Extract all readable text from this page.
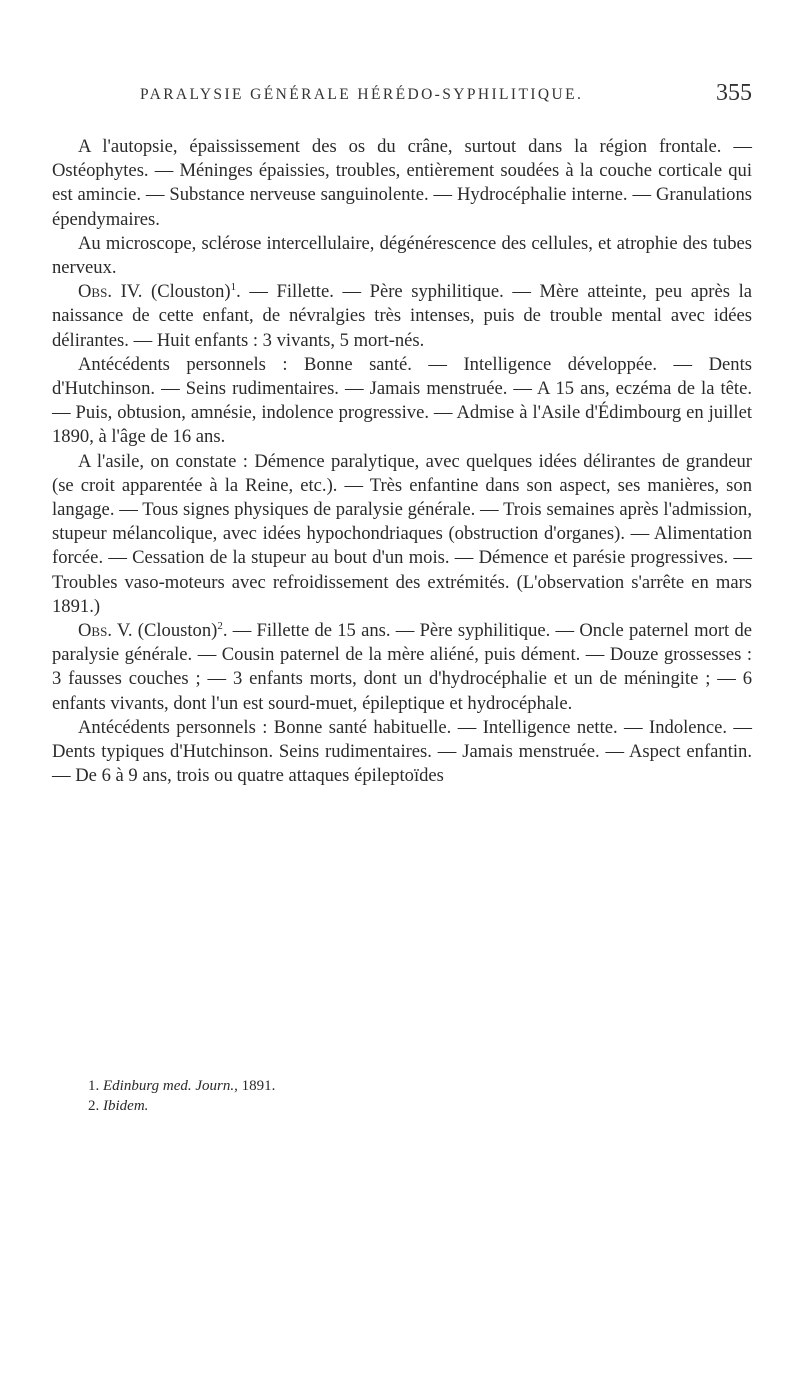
PARALYSIE GÉNÉRALE HÉRÉDO-SYPHILITIQUE.	355

A l'autopsie, épaississement des os du crâne, surtout dans la région frontale. — Ostéophytes. — Méninges épaissies, troubles, entièrement soudées à la couche corticale qui est amincie. — Substance nerveuse sanguinolente. — Hydrocéphalie interne. — Granulations épendymaires.

Au microscope, sclérose intercellulaire, dégénérescence des cellules, et atrophie des tubes nerveux.

Obs. IV. (Clouston)$^1$. — Fillette. — Père syphilitique. — Mère atteinte, peu après la naissance de cette enfant, de névralgies très intenses, puis de trouble mental avec idées délirantes. — Huit enfants : 3 vivants, 5 mort-nés.

Antécédents personnels : Bonne santé. — Intelligence développée. — Dents d'Hutchinson. — Seins rudimentaires. — Jamais menstruée. — A 15 ans, eczéma de la tête. — Puis, obtusion, amnésie, indolence progressive. — Admise à l'Asile d'Édimbourg en juillet 1890, à l'âge de 16 ans.

A l'asile, on constate : Démence paralytique, avec quelques idées délirantes de grandeur (se croit apparentée à la Reine, etc.). — Très enfantine dans son aspect, ses manières, son langage. — Tous signes physiques de paralysie générale. — Trois semaines après l'admission, stupeur mélancolique, avec idées hypochondriaques (obstruction d'organes). — Alimentation forcée. — Cessation de la stupeur au bout d'un mois. — Démence et parésie progressives. — Troubles vaso-moteurs avec refroidissement des extrémités. (L'observation s'arrête en mars 1891.)

Obs. V. (Clouston)$^2$. — Fillette de 15 ans. — Père syphilitique. — Oncle paternel mort de paralysie générale. — Cousin paternel de la mère aliéné, puis dément. — Douze grossesses : 3 fausses couches ; — 3 enfants morts, dont un d'hydrocéphalie et un de méningite ; — 6 enfants vivants, dont l'un est sourd-muet, épileptique et hydrocéphale.

Antécédents personnels : Bonne santé habituelle. — Intelligence nette. — Indolence. — Dents typiques d'Hutchinson. Seins rudimentaires. — Jamais menstruée. — Aspect enfantin. — De 6 à 9 ans, trois ou quatre attaques épileptoïdes

1. Edinburg med. Journ., 1891.

2. Ibidem.
